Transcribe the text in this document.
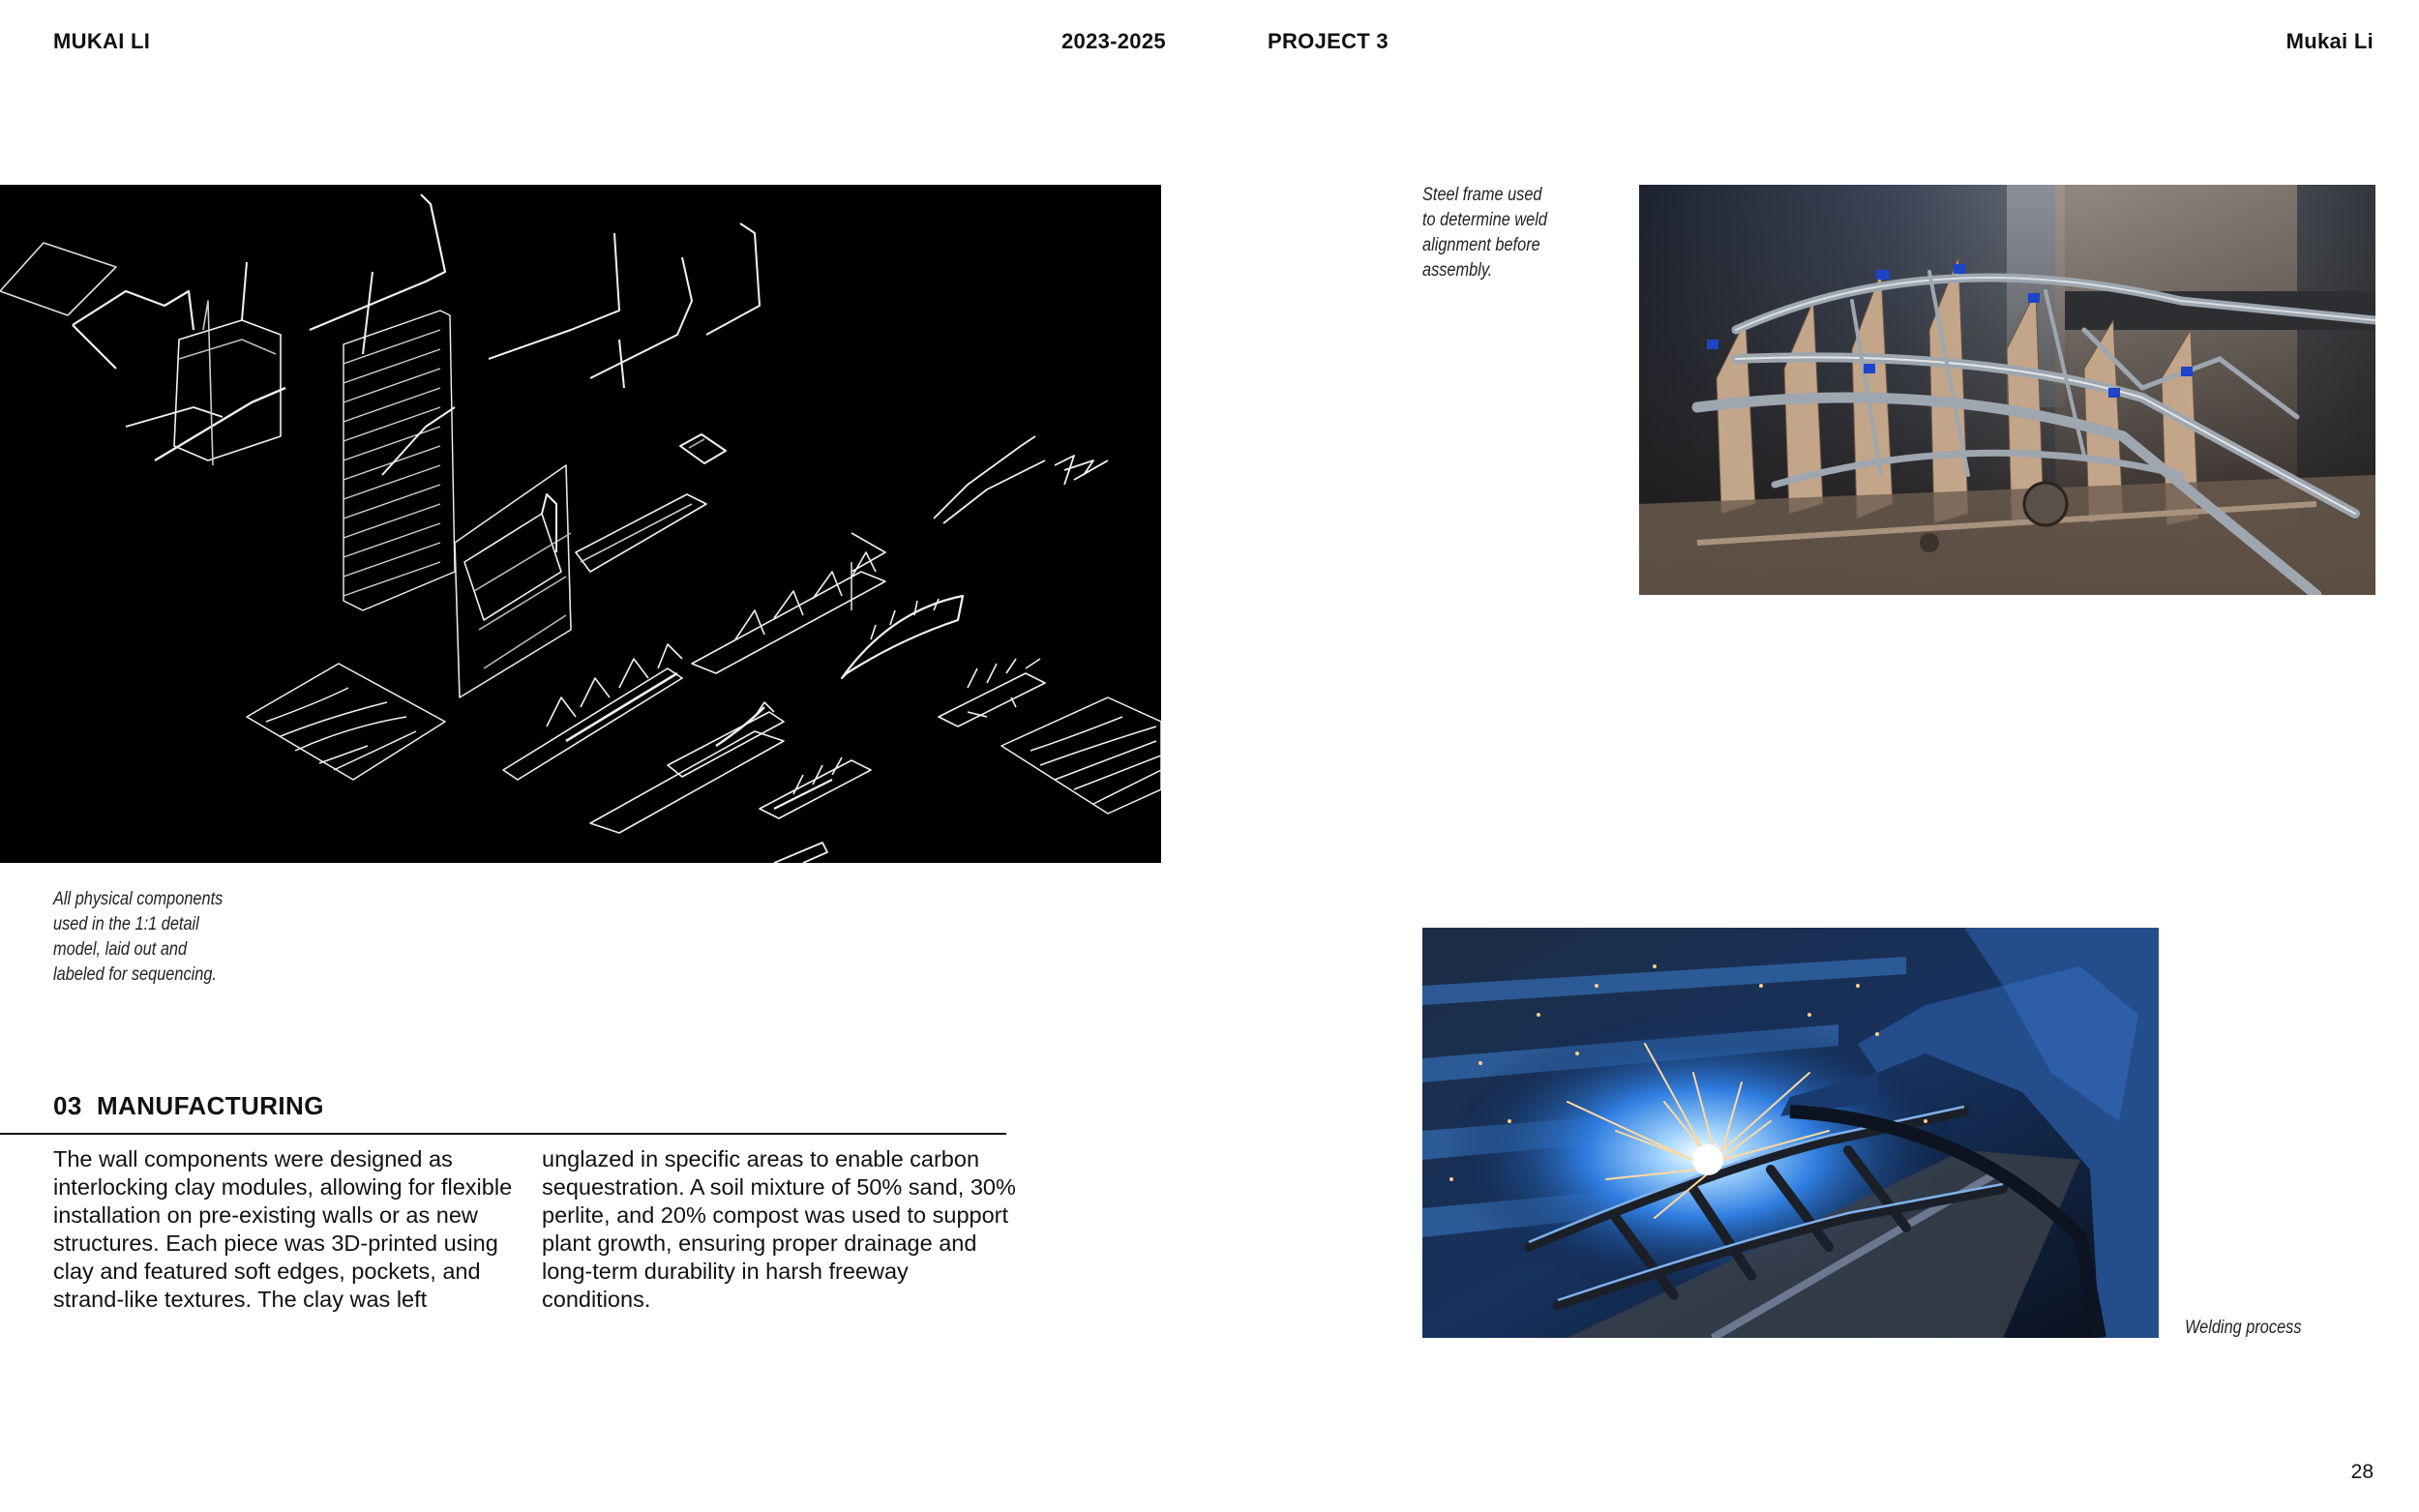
MUKAI LI	2023-2025	PROJECT 3	Mukai Li
All physical components
used in the 1:1 detail
model, laid out and
labeled for sequencing.
03 MANUFACTURING
The wall components were designed as interlocking clay modules, allowing for flexible installation on pre-existing walls or as new structures. Each piece was 3D-printed using clay and featured soft edges, pockets, and strand-like textures. The clay was left
unglazed in specific areas to enable carbon sequestration. A soil mixture of 50% sand, 30% perlite, and 20% compost was used to support plant growth, ensuring proper drainage and long-term durability in harsh freeway conditions.
Steel frame used
to determine weld
alignment before
assembly.
Welding process
28
